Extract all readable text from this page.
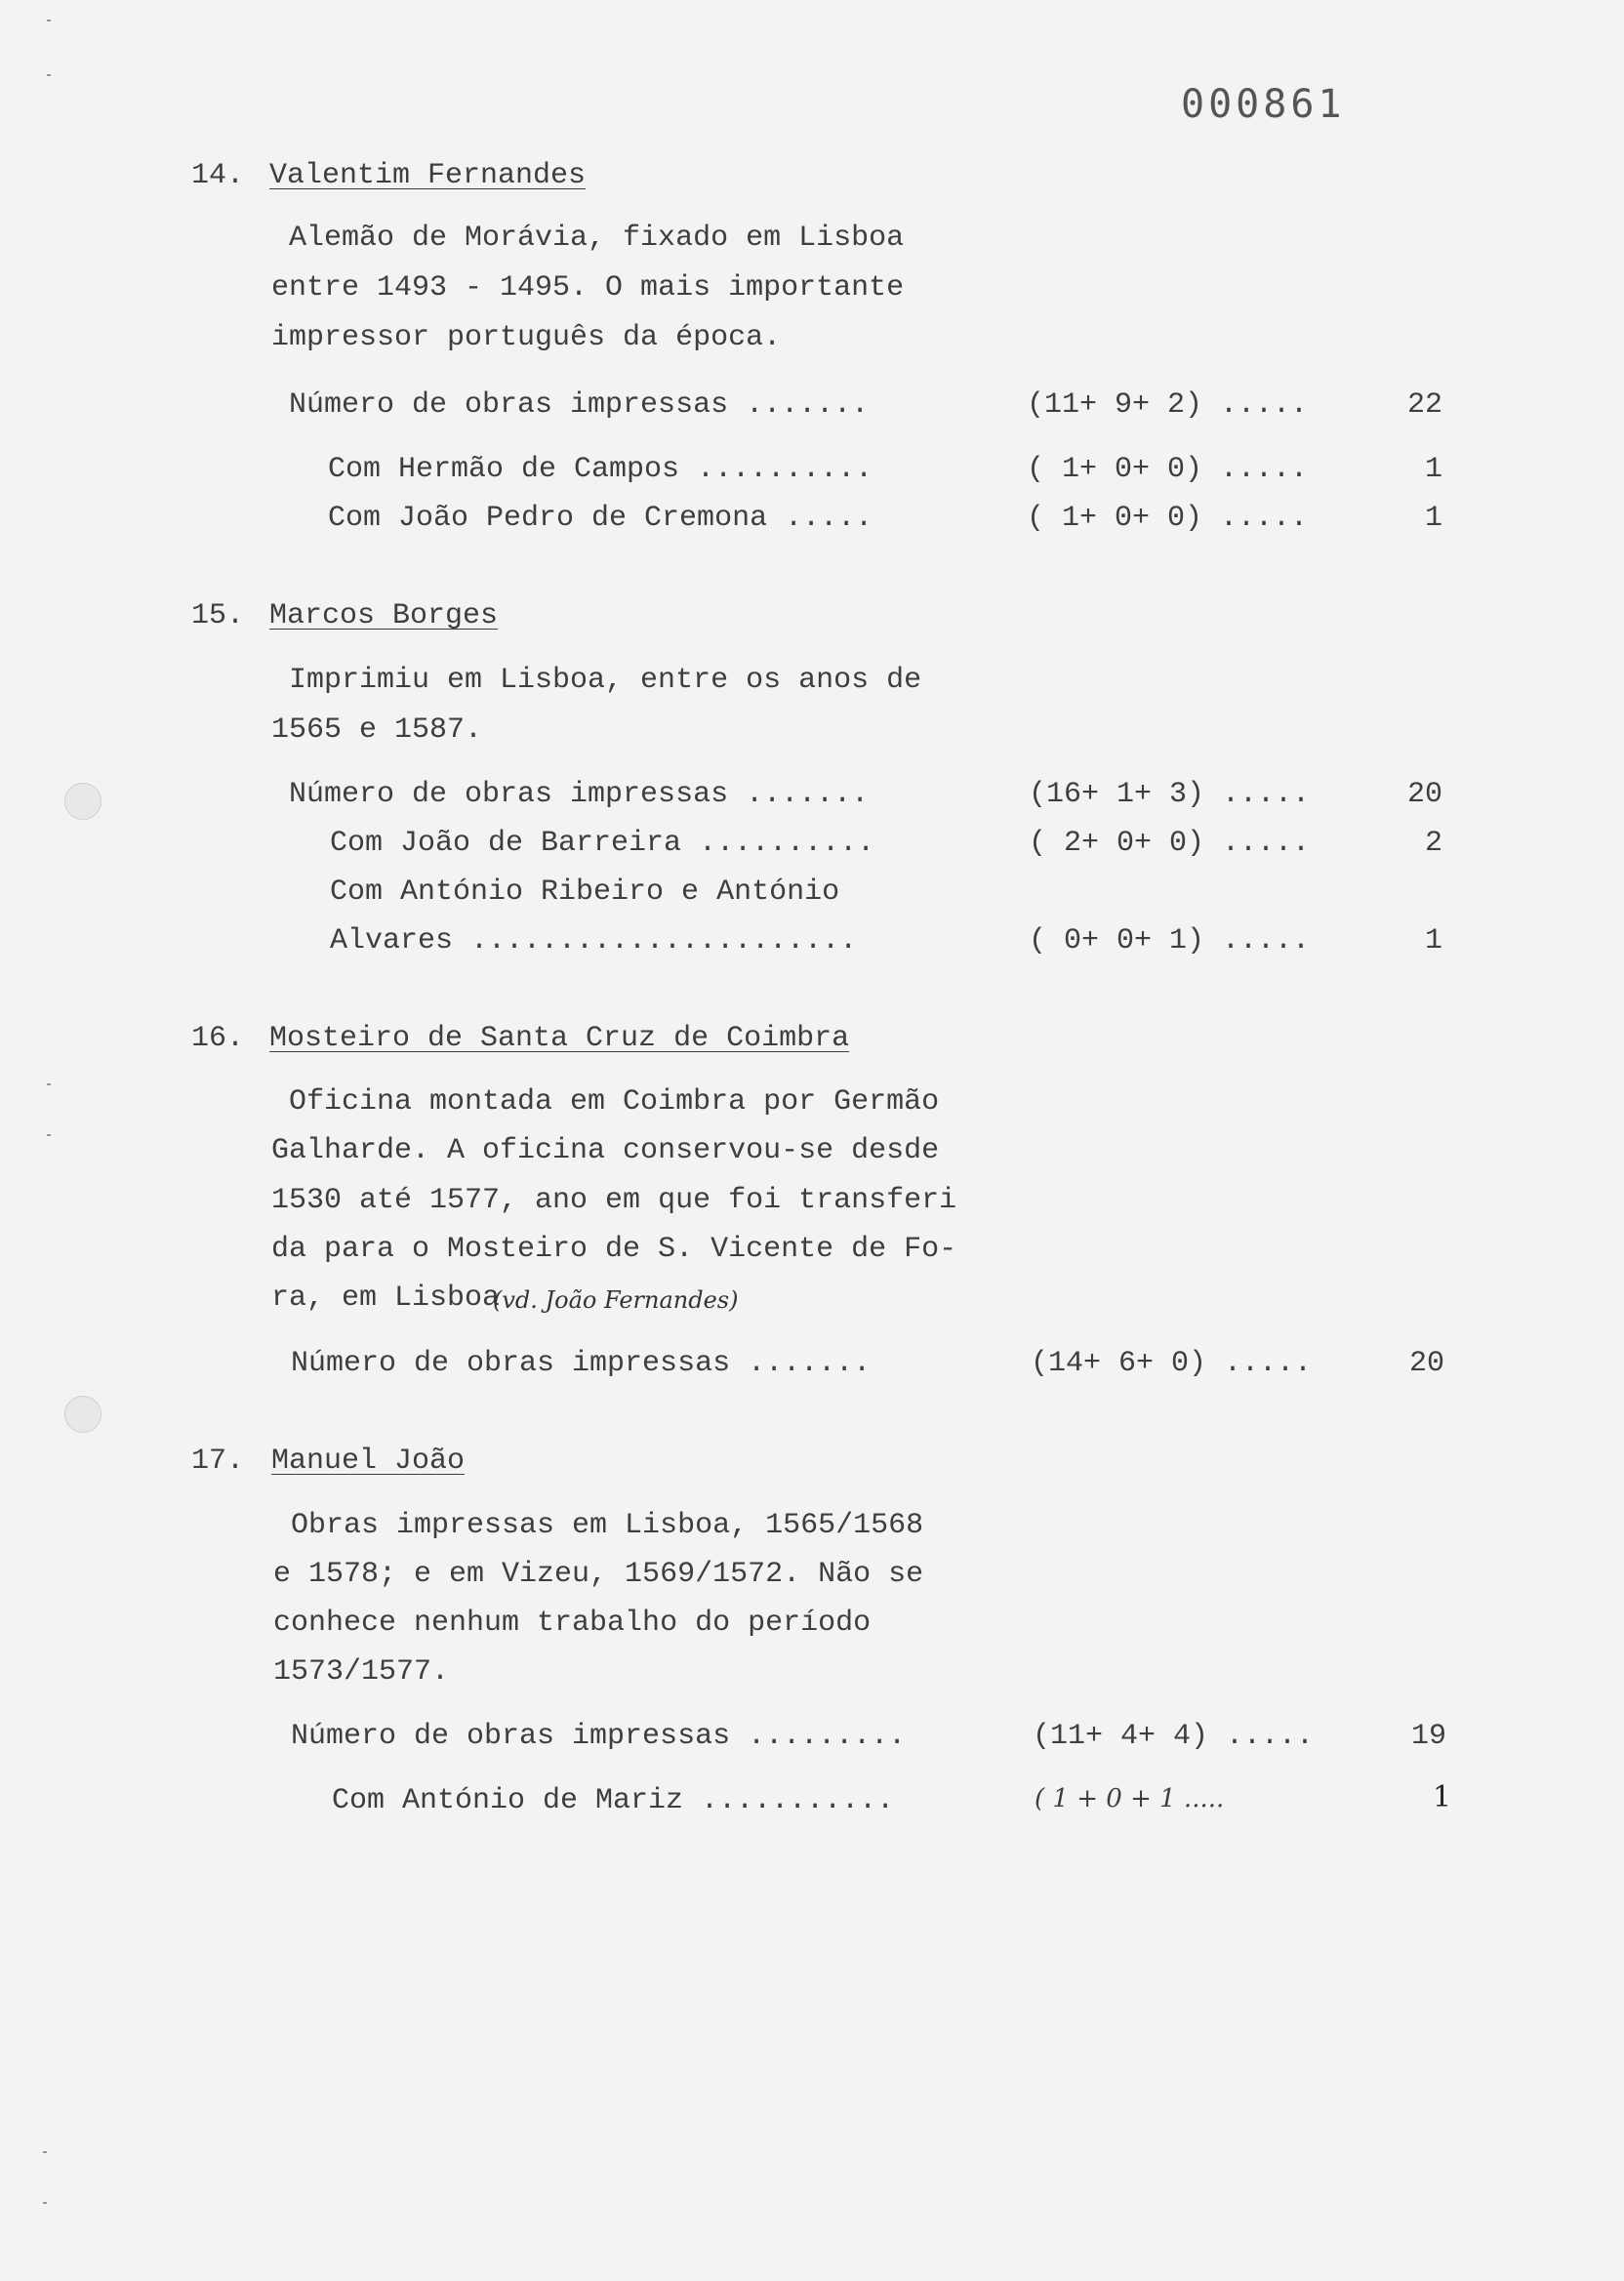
000861
14. Valentim Fernandes
Alemão de Morávia, fixado em Lisboa
entre 1493 - 1495. O mais importante
impressor português da época.
Número de obras impressas .......	(11+ 9+ 2) .....	22
Com Hermão de Campos ..........	( 1+ 0+ 0) .....	1
Com João Pedro de Cremona .....	( 1+ 0+ 0) .....	1
15. Marcos Borges
Imprimiu em Lisboa, entre os anos de
1565 e 1587.
Número de obras impressas .......	(16+ 1+ 3) .....	20
Com João de Barreira ..........	( 2+ 0+ 0) .....	2
Com António Ribeiro e António
Alvares ......................	( 0+ 0+ 1) .....	1
16. Mosteiro de Santa Cruz de Coimbra
Oficina montada em Coimbra por Germão
Galharde. A oficina conservou-se desde
1530 até 1577, ano em que foi transferi
da para o Mosteiro de S. Vicente de Fo-
ra, em Lisboa
(vd. João Fernandes)
Número de obras impressas .......	(14+ 6+ 0) .....	20
17. Manuel João
Obras impressas em Lisboa, 1565/1568
e 1578; e em Vizeu, 1569/1572. Não se
conhece nenhum trabalho do período
1573/1577.
Número de obras impressas .........	(11+ 4+ 4) .....	19
Com António de Mariz ...........	( 1 + 0 + 1 .....	1
